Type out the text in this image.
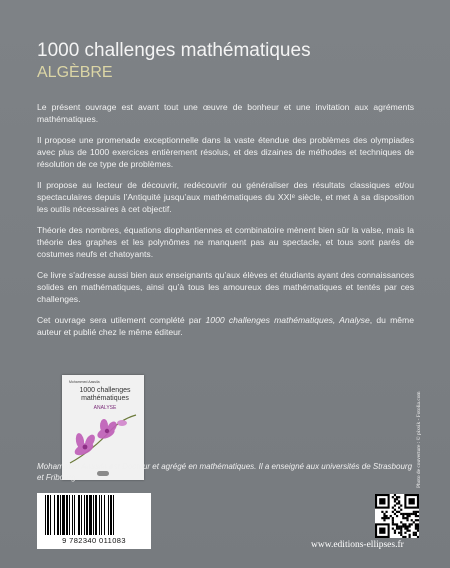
1000 challenges mathématiques
ALGÈBRE

Le présent ouvrage est avant tout une œuvre de bonheur et une invitation aux agréments mathématiques.

Il propose une promenade exceptionnelle dans la vaste étendue des problèmes des olympiades avec plus de 1000 exercices entièrement résolus, et des dizaines de méthodes et techniques de résolution de ce type de problèmes.

Il propose au lecteur de découvrir, redécouvrir ou généraliser des résultats classiques et/ou spectaculaires depuis l’Antiquité jusqu’aux mathématiques du XXIᵉ siècle, et met à sa disposition les outils nécessaires à cet objectif.

Théorie des nombres, équations diophantiennes et combinatoire mènent bien sûr la valse, mais la théorie des graphes et les polynômes ne manquent pas au spectacle, et tous sont parés de costumes neufs et chatoyants.

Ce livre s’adresse aussi bien aux enseignants qu’aux élèves et étudiants ayant des connaissances solides en mathématiques, ainsi qu’à tous les amoureux des mathématiques et tentés par ces challenges.

Cet ouvrage sera utilement complété par 1000 challenges mathématiques, Analyse, du même auteur et publié chez le même éditeur.

Mohammed Aassila
1000 challenges mathématiques
ANALYSE
Mohammed Aassila est Docteur et agrégé en mathématiques. Il a enseigné aux universités de Strasbourg et Fribourg.	Photo de couverture : © pixsik - Fotolia.com
9 782340 011083	www.editions-ellipses.fr
